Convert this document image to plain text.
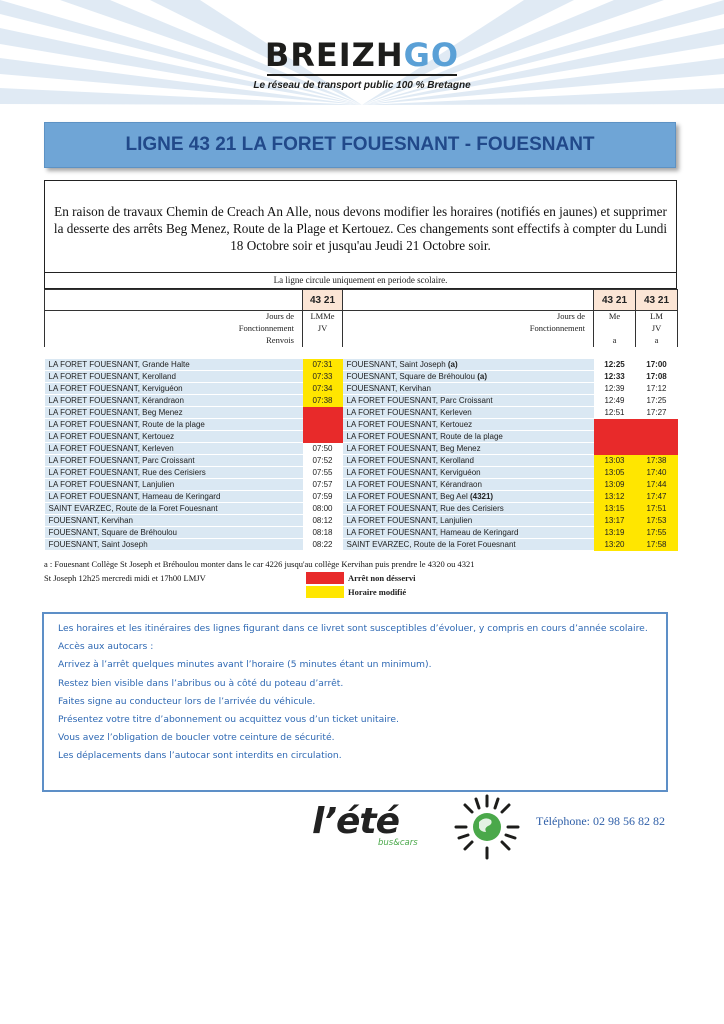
BREIZHGO
Le réseau de transport public 100 % Bretagne
LIGNE 43 21 LA FORET FOUESNANT - FOUESNANT
En raison de travaux Chemin de Creach An Alle, nous devons modifier les horaires (notifiés en jaunes) et supprimer la desserte des arrêts Beg Menez, Route de la Plage et Kertouez. Ces changements sont effectifs à compter du Lundi 18 Octobre soir et jusqu'au Jeudi 21 Octobre soir.
La ligne circule uniquement en periode scolaire.
	43 21		43 21	43 21
Jours de	LMMe	Jours de	Me	LM
Fonctionnement	JV	Fonctionnement		JV
Renvois			a	a

LA FORET FOUESNANT, Grande Halte	07:31	FOUESNANT, Saint Joseph (a)	12:25	17:00
LA FORET FOUESNANT, Kerolland	07:33	FOUESNANT, Square de Bréhoulou (a)	12:33	17:08
LA FORET FOUESNANT, Kerviguéon	07:34	FOUESNANT, Kervihan	12:39	17:12
LA FORET FOUESNANT, Kérandraon	07:38	LA FORET FOUESNANT, Parc Croissant	12:49	17:25
LA FORET FOUESNANT, Beg Menez		LA FORET FOUESNANT, Kerleven	12:51	17:27
LA FORET FOUESNANT, Route de la plage		LA FORET FOUESNANT, Kertouez		
LA FORET FOUESNANT, Kertouez		LA FORET FOUESNANT, Route de la plage		
LA FORET FOUESNANT, Kerleven	07:50	LA FORET FOUESNANT, Beg Menez		
LA FORET FOUESNANT, Parc Croissant	07:52	LA FORET FOUESNANT, Kerolland	13:03	17:38
LA FORET FOUESNANT, Rue des Cerisiers	07:55	LA FORET FOUESNANT, Kerviguéon	13:05	17:40
LA FORET FOUESNANT, Lanjulien	07:57	LA FORET FOUESNANT, Kérandraon	13:09	17:44
LA FORET FOUESNANT, Hameau de Keringard	07:59	LA FORET FOUESNANT, Beg Ael (4321)	13:12	17:47
SAINT EVARZEC, Route de la Foret Fouesnant	08:00	LA FORET FOUESNANT, Rue des Cerisiers	13:15	17:51
FOUESNANT, Kervihan	08:12	LA FORET FOUESNANT, Lanjulien	13:17	17:53
FOUESNANT, Square de Bréhoulou	08:18	LA FORET FOUESNANT, Hameau de Keringard	13:19	17:55
FOUESNANT, Saint Joseph	08:22	SAINT EVARZEC, Route de la Foret Fouesnant	13:20	17:58
a : Fouesnant Collège St Joseph et Bréhoulou monter dans le car 4226 jusqu'au collège Kervihan puis prendre le 4320 ou 4321
St Joseph 12h25 mercredi midi et 17h00 LMJV	Arrêt non désservi
Horaire modifié

Les horaires et les itinéraires des lignes figurant dans ce livret sont susceptibles d’évoluer, y compris en cours d’année scolaire.

Accès aux autocars :

Arrivez à l’arrêt quelques minutes avant l’horaire (5 minutes étant un minimum).

Restez bien visible dans l’abribus ou à côté du poteau d’arrêt.

Faites signe au conducteur lors de l’arrivée du véhicule.

Présentez votre titre d’abonnement ou acquittez vous d’un ticket unitaire.

Vous avez l’obligation de boucler votre ceinture de sécurité.

Les déplacements dans l’autocar sont interdits en circulation.

l’été
bus&cars
Téléphone: 02 98 56 82 82
